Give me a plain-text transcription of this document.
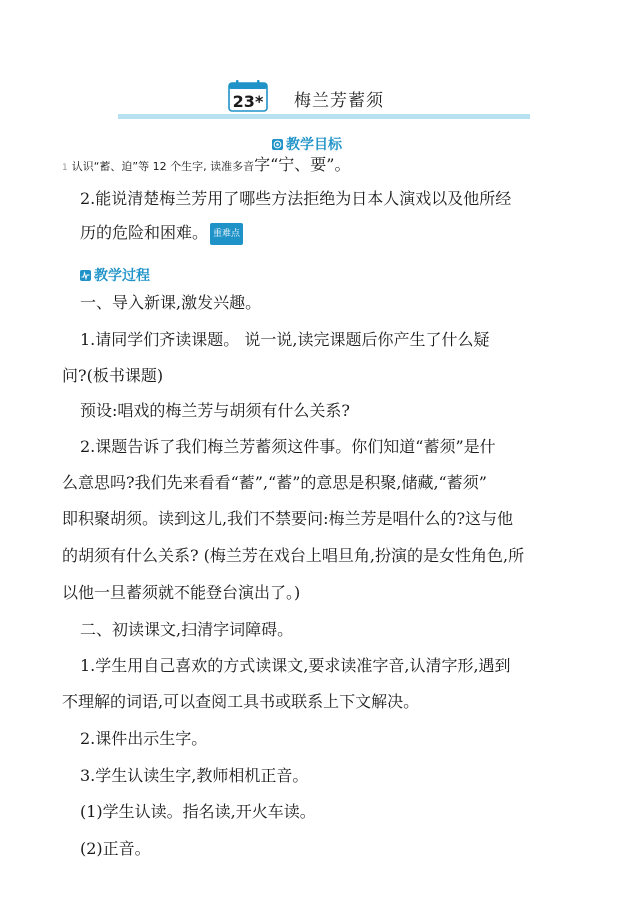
23* 梅兰芳蓄须
教学目标
1 认识“蓄、迫”等 12 个生字, 读准多音字“宁、要”。
2.能说清楚梅兰芳用了哪些方法拒绝为日本人演戏以及他所经
历的危险和困难。 重难点
教学过程
一、导入新课,激发兴趣。
1.请同学们齐读课题。 说一说,读完课题后你产生了什么疑
问?(板书课题)
预设:唱戏的梅兰芳与胡须有什么关系?
2.课题告诉了我们梅兰芳蓄须这件事。你们知道“蓄须”是什
么意思吗?我们先来看看“蓄”,“蓄”的意思是积聚,储藏,“蓄须”
即积聚胡须。读到这儿,我们不禁要问:梅兰芳是唱什么的?这与他
的胡须有什么关系? (梅兰芳在戏台上唱旦角,扮演的是女性角色,所
以他一旦蓄须就不能登台演出了。)
二、初读课文,扫清字词障碍。
1.学生用自己喜欢的方式读课文,要求读准字音,认清字形,遇到
不理解的词语,可以查阅工具书或联系上下文解决。
2.课件出示生字。
3.学生认读生字,教师相机正音。
(1)学生认读。指名读,开火车读。
(2)正音。
